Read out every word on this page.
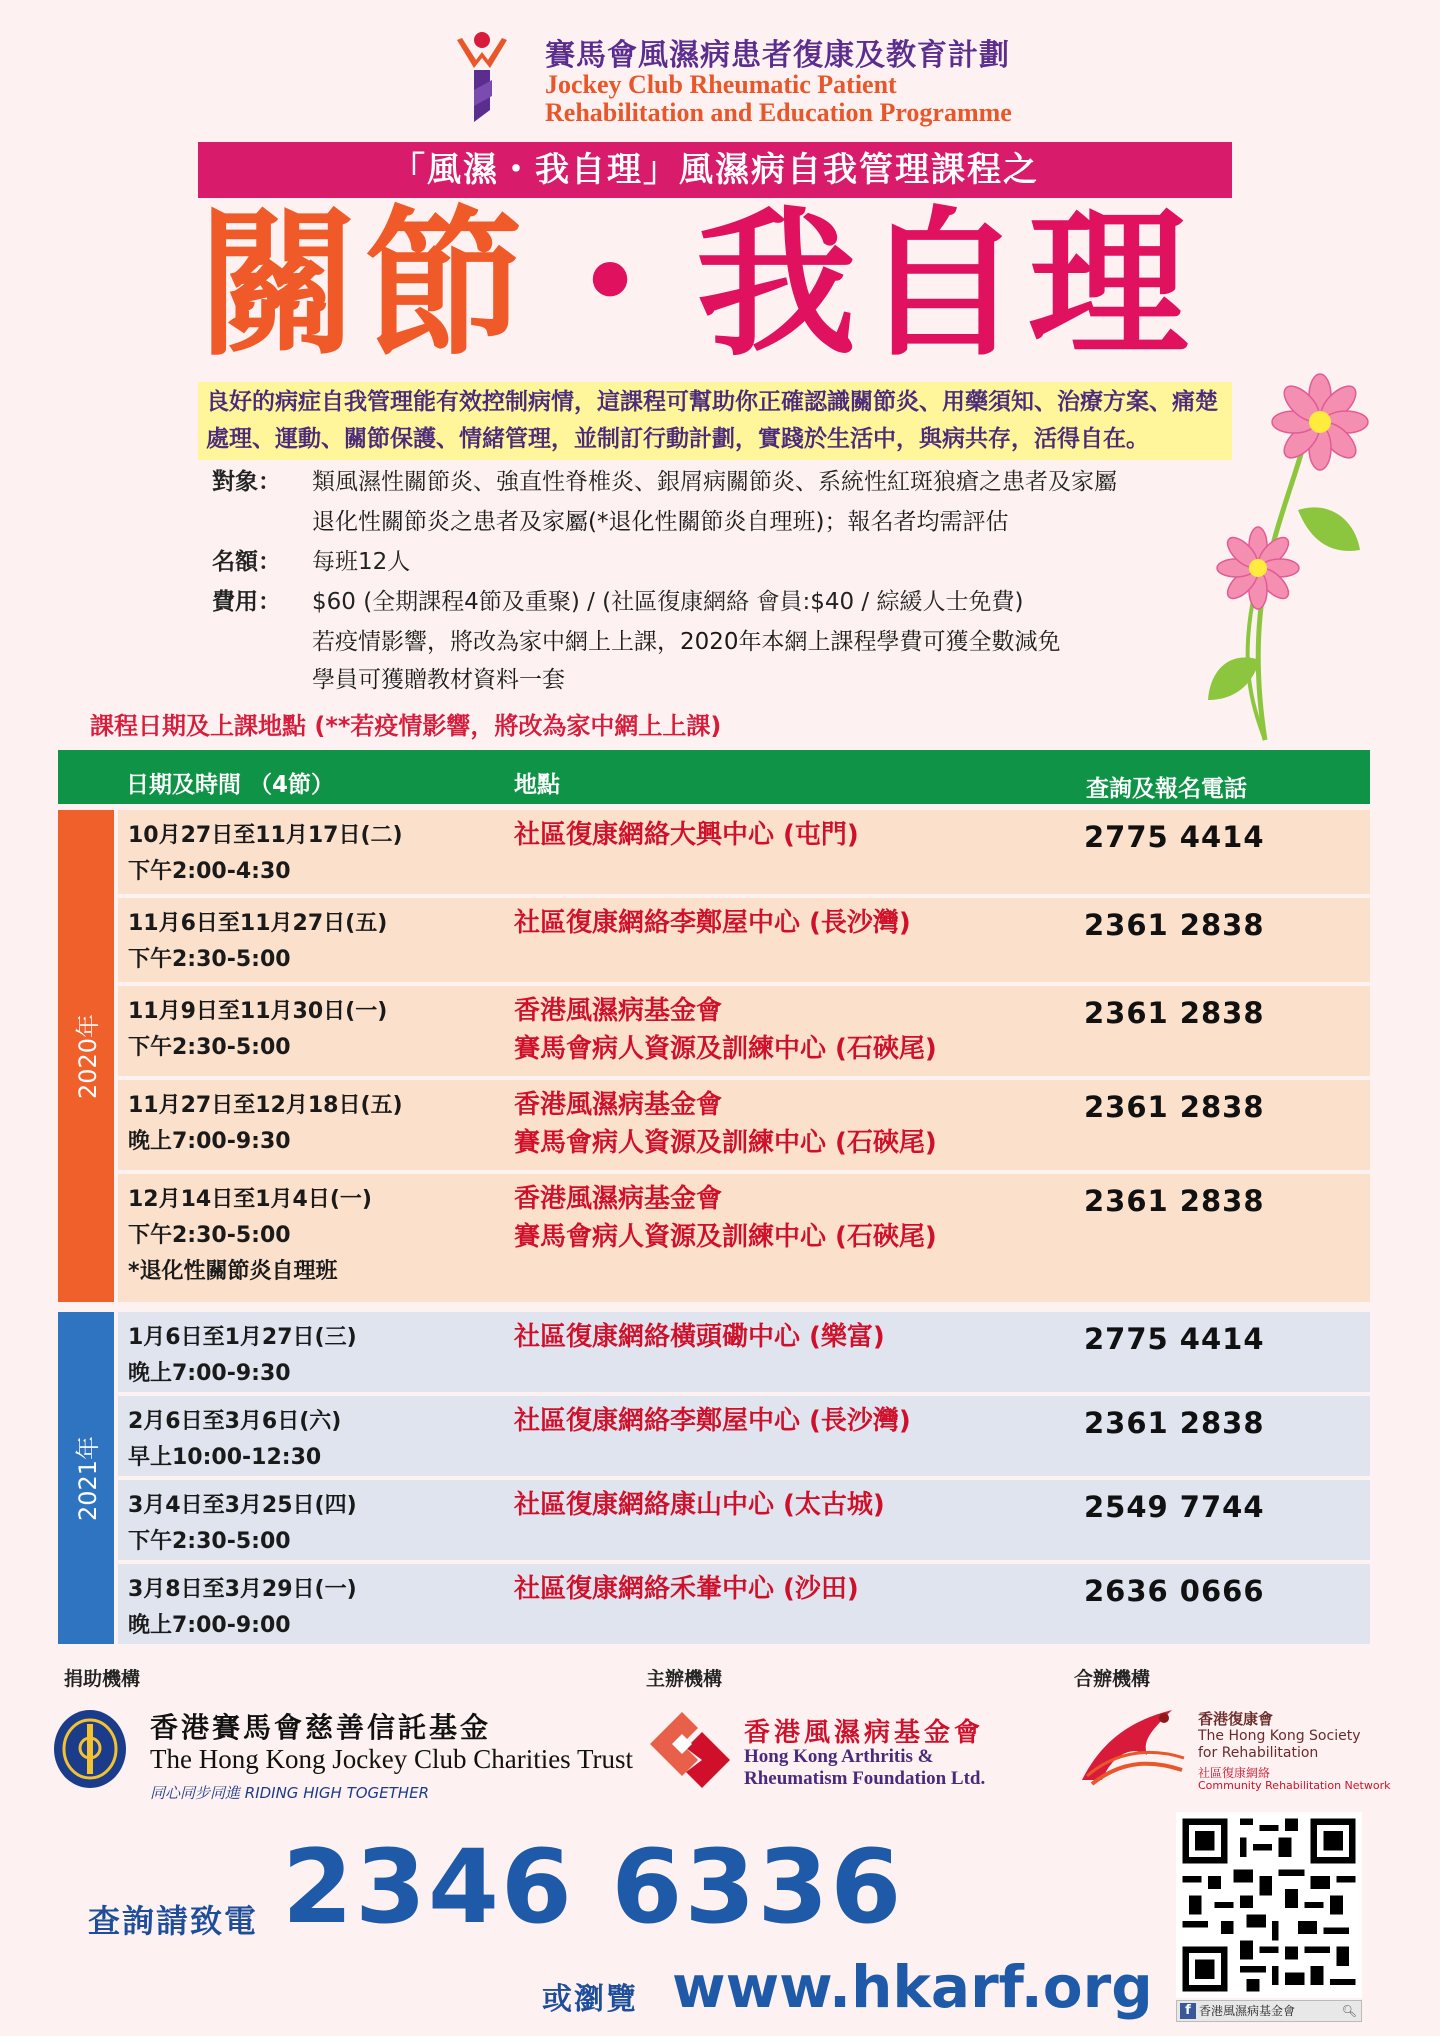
賽馬會風濕病患者復康及教育計劃
Jockey Club Rheumatic Patient
Rehabilitation and Education Programme
「風濕・我自理」風濕病自我管理課程之
關節・我自理
良好的病症自我管理能有效控制病情，這課程可幫助你正確認識關節炎、用藥須知、治療方案、痛楚處理、運動、關節保護、情緒管理，並制訂行動計劃，實踐於生活中，與病共存，活得自在。
對象： 類風濕性關節炎、強直性脊椎炎、銀屑病關節炎、系統性紅斑狼瘡之患者及家屬
退化性關節炎之患者及家屬(*退化性關節炎自理班)；報名者均需評估
名額： 每班12人
費用： $60 (全期課程4節及重聚) / (社區復康網絡 會員:$40 / 綜緩人士免費)
若疫情影響，將改為家中網上上課，2020年本網上課程學費可獲全數減免
學員可獲贈教材資料一套
課程日期及上課地點 (**若疫情影響，將改為家中網上上課)
日期及時間 （4節）	地點	查詢及報名電話
2020年
10月27日至11月17日(二)
下午2:00-4:30
社區復康網絡大興中心 (屯門)	2775 4414
11月6日至11月27日(五)
下午2:30-5:00
社區復康網絡李鄭屋中心 (長沙灣)	2361 2838
11月9日至11月30日(一)
下午2:30-5:00
香港風濕病基金會
賽馬會病人資源及訓練中心 (石硤尾)
2361 2838
11月27日至12月18日(五)
晚上7:00-9:30
香港風濕病基金會
賽馬會病人資源及訓練中心 (石硤尾)
2361 2838
12月14日至1月4日(一)
下午2:30-5:00
*退化性關節炎自理班
香港風濕病基金會
賽馬會病人資源及訓練中心 (石硤尾)
2361 2838
2021年
1月6日至1月27日(三)
晚上7:00-9:30
社區復康網絡橫頭磡中心 (樂富)	2775 4414
2月6日至3月6日(六)
早上10:00-12:30
社區復康網絡李鄭屋中心 (長沙灣)	2361 2838
3月4日至3月25日(四)
下午2:30-5:00
社區復康網絡康山中心 (太古城)	2549 7744
3月8日至3月29日(一)
晚上7:00-9:00
社區復康網絡禾輋中心 (沙田)	2636 0666
捐助機構	主辦機構	合辦機構
香港賽馬會慈善信託基金
The Hong Kong Jockey Club Charities Trust
同心同步同進 RIDING HIGH TOGETHER
香港風濕病基金會
Hong Kong Arthritis &
Rheumatism Foundation Ltd.
香港復康會
The Hong Kong Society
for Rehabilitation
社區復康網絡
Community Rehabilitation Network
查詢請致電 2346 6336
或瀏覽 www.hkarf.org	f 香港風濕病基金會	🔍︎
